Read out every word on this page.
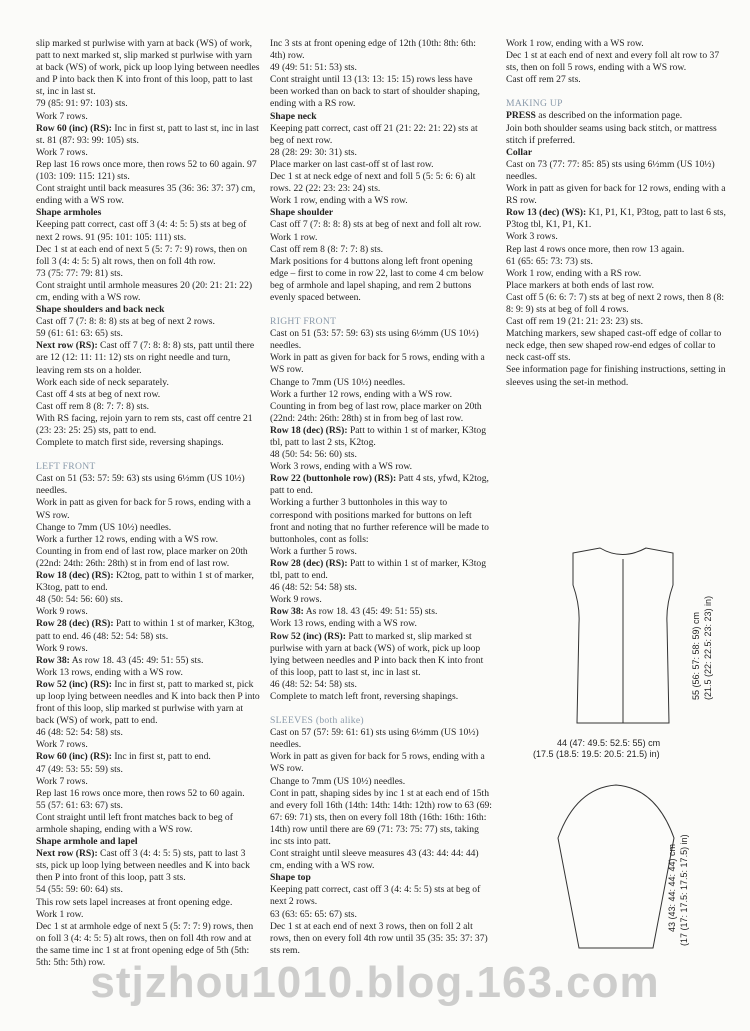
slip marked st purlwise with yarn at back (WS) of work, patt to next marked st, slip marked st purlwise with yarn at back (WS) of work, pick up loop lying between needles and P into back then K into front of this loop, patt to last st, inc in last st.

79 (85: 91: 97: 103) sts.

Work 7 rows.

Row 60 (inc) (RS): Inc in first st, patt to last st, inc in last st. 81 (87: 93: 99: 105) sts.

Work 7 rows.

Rep last 16 rows once more, then rows 52 to 60 again. 97 (103: 109: 115: 121) sts.

Cont straight until back measures 35 (36: 36: 37: 37) cm, ending with a WS row.

Shape armholes

Keeping patt correct, cast off 3 (4: 4: 5: 5) sts at beg of next 2 rows. 91 (95: 101: 105: 111) sts.

Dec 1 st at each end of next 5 (5: 7: 7: 9) rows, then on foll 3 (4: 4: 5: 5) alt rows, then on foll 4th row.

73 (75: 77: 79: 81) sts.

Cont straight until armhole measures 20 (20: 21: 21: 22) cm, ending with a WS row.

Shape shoulders and back neck

Cast off 7 (7: 8: 8: 8) sts at beg of next 2 rows.

59 (61: 61: 63: 65) sts.

Next row (RS): Cast off 7 (7: 8: 8: 8) sts, patt until there are 12 (12: 11: 11: 12) sts on right needle and turn, leaving rem sts on a holder.

Work each side of neck separately.

Cast off 4 sts at beg of next row.

Cast off rem 8 (8: 7: 7: 8) sts.

With RS facing, rejoin yarn to rem sts, cast off centre 21 (23: 23: 25: 25) sts, patt to end.

Complete to match first side, reversing shapings.

LEFT FRONT

Cast on 51 (53: 57: 59: 63) sts using 6½mm (US 10½) needles.

Work in patt as given for back for 5 rows, ending with a WS row.

Change to 7mm (US 10½) needles.

Work a further 12 rows, ending with a WS row.

Counting in from end of last row, place marker on 20th (22nd: 24th: 26th: 28th) st in from end of last row.

Row 18 (dec) (RS): K2tog, patt to within 1 st of marker, K3tog, patt to end.

48 (50: 54: 56: 60) sts.

Work 9 rows.

Row 28 (dec) (RS): Patt to within 1 st of marker, K3tog, patt to end. 46 (48: 52: 54: 58) sts.

Work 9 rows.

Row 38: As row 18. 43 (45: 49: 51: 55) sts.

Work 13 rows, ending with a WS row.

Row 52 (inc) (RS): Inc in first st, patt to marked st, pick up loop lying between needles and K into back then P into front of this loop, slip marked st purlwise with yarn at back (WS) of work, patt to end.

46 (48: 52: 54: 58) sts.

Work 7 rows.

Row 60 (inc) (RS): Inc in first st, patt to end.

47 (49: 53: 55: 59) sts.

Work 7 rows.

Rep last 16 rows once more, then rows 52 to 60 again.

55 (57: 61: 63: 67) sts.

Cont straight until left front matches back to beg of armhole shaping, ending with a WS row.

Shape armhole and lapel

Next row (RS): Cast off 3 (4: 4: 5: 5) sts, patt to last 3 sts, pick up loop lying between needles and K into back then P into front of this loop, patt 3 sts.

54 (55: 59: 60: 64) sts.

This row sets lapel increases at front opening edge.

Work 1 row.

Dec 1 st at armhole edge of next 5 (5: 7: 7: 9) rows, then on foll 3 (4: 4: 5: 5) alt rows, then on foll 4th row and at the same time inc 1 st at front opening edge of 5th (5th: 5th: 5th: 5th) row.

Inc 3 sts at front opening edge of 12th (10th: 8th: 6th: 4th) row.

49 (49: 51: 51: 53) sts.

Cont straight until 13 (13: 13: 15: 15) rows less have been worked than on back to start of shoulder shaping, ending with a RS row.

Shape neck

Keeping patt correct, cast off 21 (21: 22: 21: 22) sts at beg of next row.

28 (28: 29: 30: 31) sts.

Place marker on last cast-off st of last row.

Dec 1 st at neck edge of next and foll 5 (5: 5: 6: 6) alt rows. 22 (22: 23: 23: 24) sts.

Work 1 row, ending with a WS row.

Shape shoulder

Cast off 7 (7: 8: 8: 8) sts at beg of next and foll alt row.

Work 1 row.

Cast off rem 8 (8: 7: 7: 8) sts.

Mark positions for 4 buttons along left front opening edge – first to come in row 22, last to come 4 cm below beg of armhole and lapel shaping, and rem 2 buttons evenly spaced between.

RIGHT FRONT

Cast on 51 (53: 57: 59: 63) sts using 6½mm (US 10½) needles.

Work in patt as given for back for 5 rows, ending with a WS row.

Change to 7mm (US 10½) needles.

Work a further 12 rows, ending with a WS row.

Counting in from beg of last row, place marker on 20th (22nd: 24th: 26th: 28th) st in from beg of last row.

Row 18 (dec) (RS): Patt to within 1 st of marker, K3tog tbl, patt to last 2 sts, K2tog.

48 (50: 54: 56: 60) sts.

Work 3 rows, ending with a WS row.

Row 22 (buttonhole row) (RS): Patt 4 sts, yfwd, K2tog, patt to end.

Working a further 3 buttonholes in this way to correspond with positions marked for buttons on left front and noting that no further reference will be made to buttonholes, cont as folls:

Work a further 5 rows.

Row 28 (dec) (RS): Patt to within 1 st of marker, K3tog tbl, patt to end.

46 (48: 52: 54: 58) sts.

Work 9 rows.

Row 38: As row 18. 43 (45: 49: 51: 55) sts.

Work 13 rows, ending with a WS row.

Row 52 (inc) (RS): Patt to marked st, slip marked st purlwise with yarn at back (WS) of work, pick up loop lying between needles and P into back then K into front of this loop, patt to last st, inc in last st.

46 (48: 52: 54: 58) sts.

Complete to match left front, reversing shapings.

SLEEVES (both alike)

Cast on 57 (57: 59: 61: 61) sts using 6½mm (US 10½) needles.

Work in patt as given for back for 5 rows, ending with a WS row.

Change to 7mm (US 10½) needles.

Cont in patt, shaping sides by inc 1 st at each end of 15th and every foll 16th (14th: 14th: 14th: 12th) row to 63 (69: 67: 69: 71) sts, then on every foll 18th (16th: 16th: 16th: 14th) row until there are 69 (71: 73: 75: 77) sts, taking inc sts into patt.

Cont straight until sleeve measures 43 (43: 44: 44: 44) cm, ending with a WS row.

Shape top

Keeping patt correct, cast off 3 (4: 4: 5: 5) sts at beg of next 2 rows.

63 (63: 65: 65: 67) sts.

Dec 1 st at each end of next 3 rows, then on foll 2 alt rows, then on every foll 4th row until 35 (35: 35: 37: 37) sts rem.

Work 1 row, ending with a WS row.

Dec 1 st at each end of next and every foll alt row to 37 sts, then on foll 5 rows, ending with a WS row.

Cast off rem 27 sts.

MAKING UP

PRESS as described on the information page.

Join both shoulder seams using back stitch, or mattress stitch if preferred.

Collar

Cast on 73 (77: 77: 85: 85) sts using 6½mm (US 10½) needles.

Work in patt as given for back for 12 rows, ending with a RS row.

Row 13 (dec) (WS): K1, P1, K1, P3tog, patt to last 6 sts, P3tog tbl, K1, P1, K1.

Work 3 rows.

Rep last 4 rows once more, then row 13 again.

61 (65: 65: 73: 73) sts.

Work 1 row, ending with a RS row.

Place markers at both ends of last row.

Cast off 5 (6: 6: 7: 7) sts at beg of next 2 rows, then 8 (8: 8: 9: 9) sts at beg of foll 4 rows.

Cast off rem 19 (21: 21: 23: 23) sts.

Matching markers, sew shaped cast-off edge of collar to neck edge, then sew shaped row-end edges of collar to neck cast-off sts.

See information page for finishing instructions, setting in sleeves using the set-in method.

55 (56: 57: 58: 59) cm (21.5 (22: 22.5: 23: 23) in)
44 (47: 49.5: 52.5: 55) cm
(17.5 (18.5: 19.5: 20.5: 21.5) in)
43 (43: 44: 44: 44) cm (17 (17: 17.5: 17.5: 17.5) in)
stjzhou1010.blog.163.com
